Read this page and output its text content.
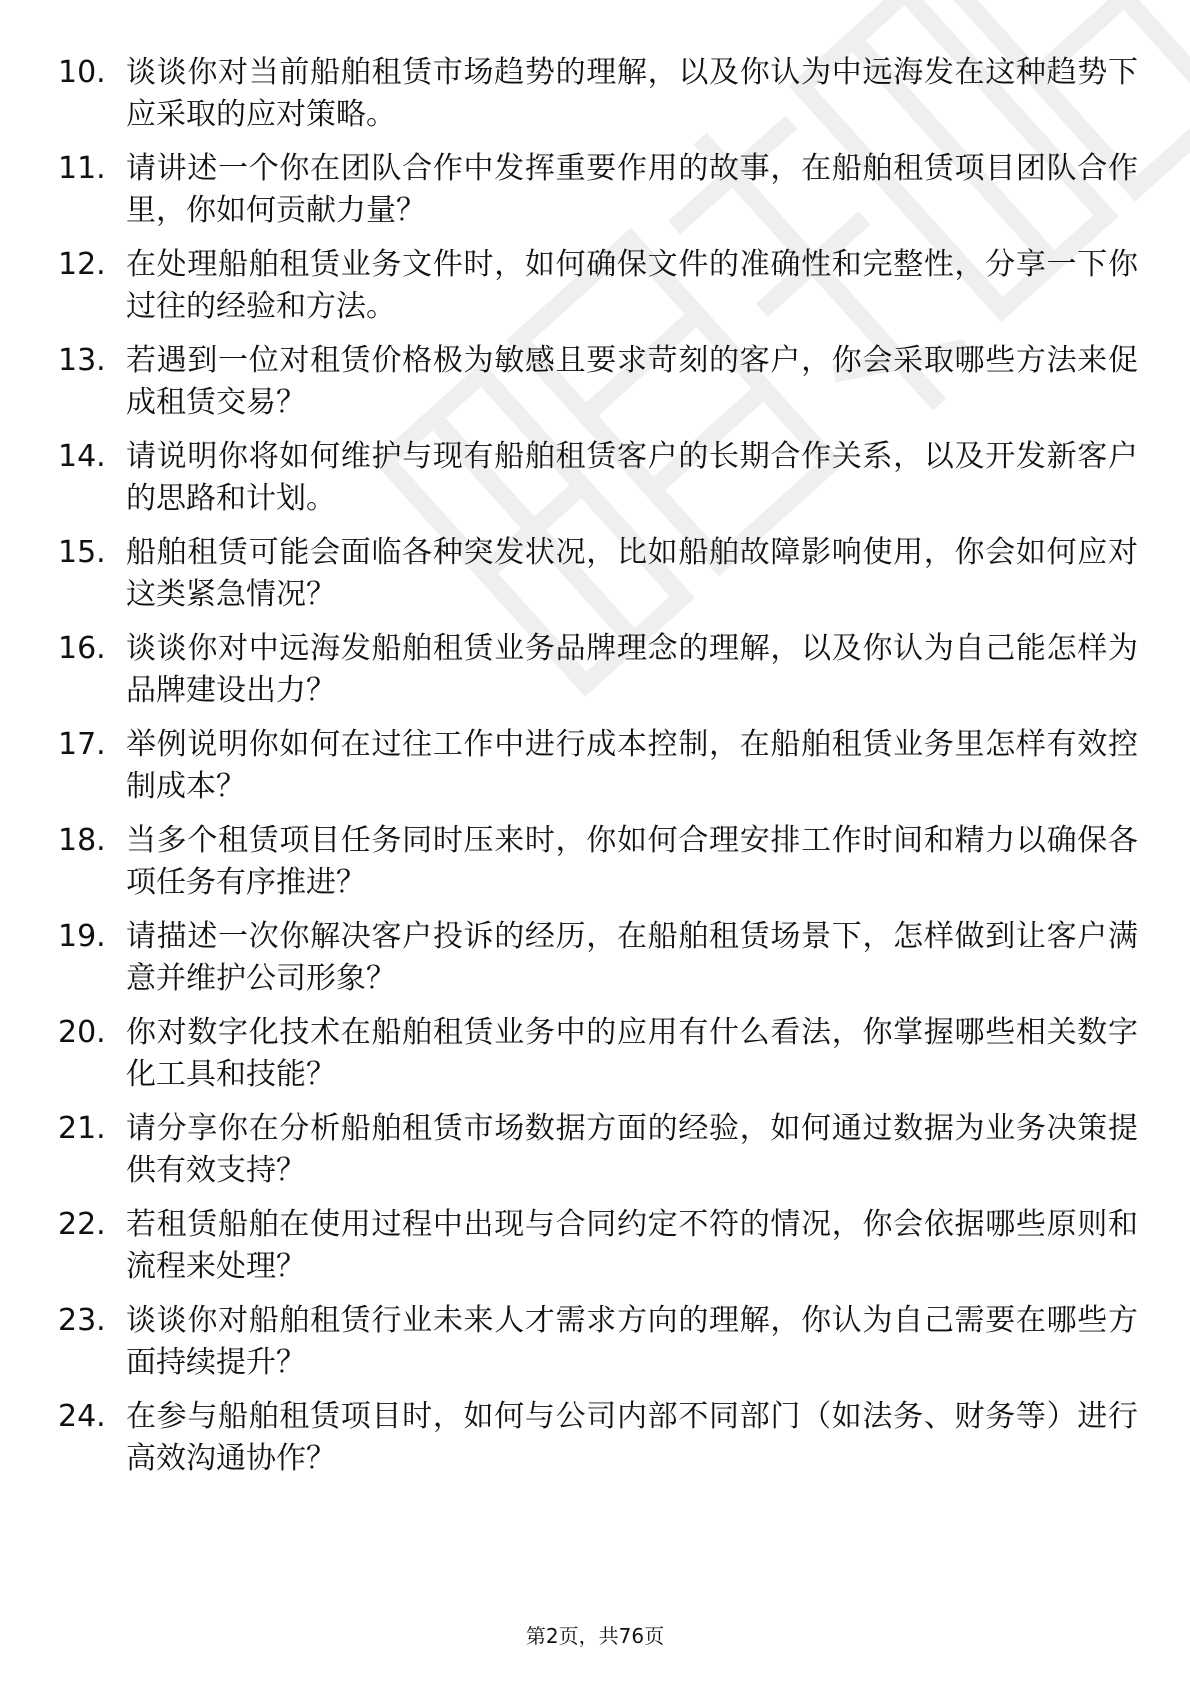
10. 谈谈你对当前船舶租赁市场趋势的理解，以及你认为中远海发在这种趋势下应采取的应对策略。
11. 请讲述一个你在团队合作中发挥重要作用的故事，在船舶租赁项目团队合作里，你如何贡献力量？
12. 在处理船舶租赁业务文件时，如何确保文件的准确性和完整性，分享一下你过往的经验和方法。
13. 若遇到一位对租赁价格极为敏感且要求苛刻的客户，你会采取哪些方法来促成租赁交易？
14. 请说明你将如何维护与现有船舶租赁客户的长期合作关系，以及开发新客户的思路和计划。
15. 船舶租赁可能会面临各种突发状况，比如船舶故障影响使用，你会如何应对这类紧急情况？
16. 谈谈你对中远海发船舶租赁业务品牌理念的理解，以及你认为自己能怎样为品牌建设出力？
17. 举例说明你如何在过往工作中进行成本控制，在船舶租赁业务里怎样有效控制成本？
18. 当多个租赁项目任务同时压来时，你如何合理安排工作时间和精力以确保各项任务有序推进？
19. 请描述一次你解决客户投诉的经历，在船舶租赁场景下，怎样做到让客户满意并维护公司形象？
20. 你对数字化技术在船舶租赁业务中的应用有什么看法，你掌握哪些相关数字化工具和技能？
21. 请分享你在分析船舶租赁市场数据方面的经验，如何通过数据为业务决策提供有效支持？
22. 若租赁船舶在使用过程中出现与合同约定不符的情况，你会依据哪些原则和流程来处理？
23. 谈谈你对船舶租赁行业未来人才需求方向的理解，你认为自己需要在哪些方面持续提升？
24. 在参与船舶租赁项目时，如何与公司内部不同部门（如法务、财务等）进行高效沟通协作？
第2页，共76页
